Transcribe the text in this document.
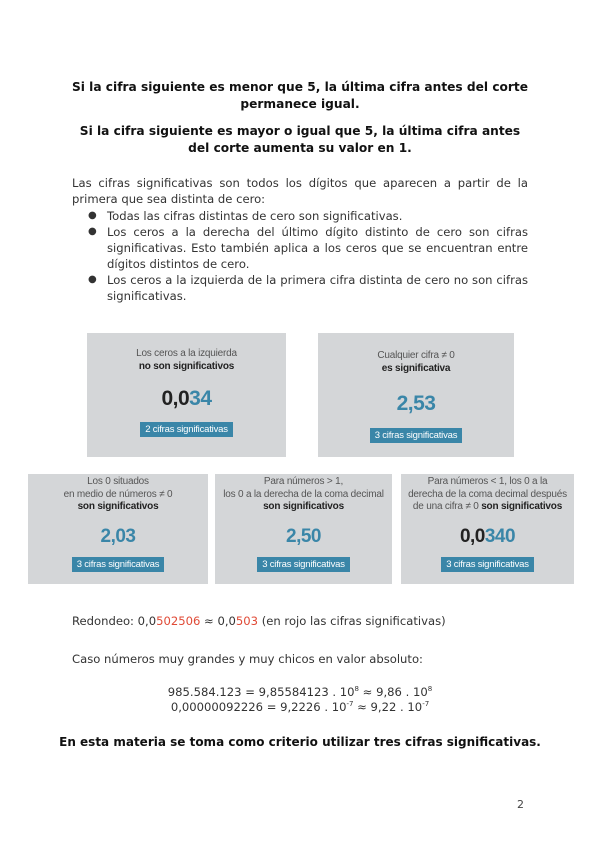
Si la cifra siguiente es menor que 5, la última cifra antes del corte permanece igual.

Si la cifra siguiente es mayor o igual que 5, la última cifra antes del corte aumenta su valor en 1.

Las cifras significativas son todos los dígitos que aparecen a partir de la primera que sea distinta de cero:

● Todas las cifras distintas de cero son significativas.
● Los ceros a la derecha del último dígito distinto de cero son cifras significativas. Esto también aplica a los ceros que se encuentran entre dígitos distintos de cero.
● Los ceros a la izquierda de la primera cifra distinta de cero no son cifras significativas.
Los ceros a la izquierda
no son significativos
0,034
2 cifras significativas
Cualquier cifra ≠ 0
es significativa
2,53
3 cifras significativas
Los 0 situados
en medio de números ≠ 0
son significativos
2,03
3 cifras significativas
Para números > 1,
los 0 a la derecha de la coma decimal
son significativos
2,50
3 cifras significativas
Para números < 1, los 0 a la
derecha de la coma decimal después
de una cifra ≠ 0 son significativos
0,0340
3 cifras significativas

Redondeo: 0,0502506 ≈ 0,0503 (en rojo las cifras significativas)

Caso números muy grandes y muy chicos en valor absoluto:

985.584.123 = 9,85584123 . $10^8 \approx 9,86$ . $10^8$

0,00000092226 = 9,2226 . $10^{-7} \approx 9,22$ . $10^{-7}$

En esta materia se toma como criterio utilizar tres cifras significativas.

2
